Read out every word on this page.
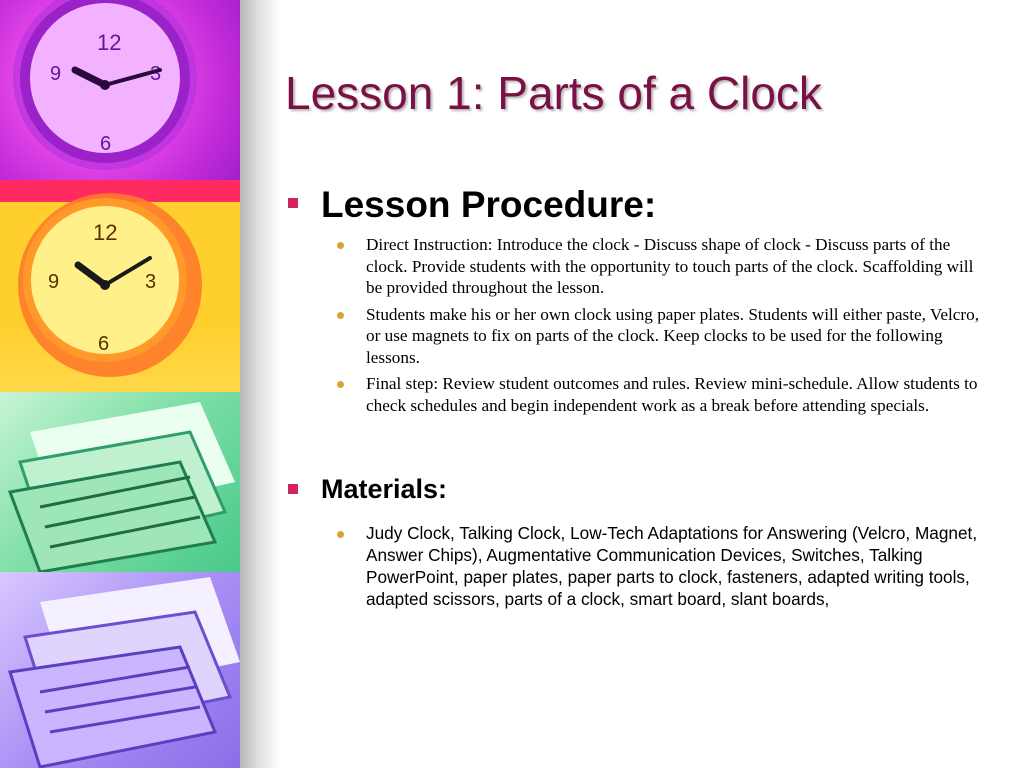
12
3
6
9
12
3
6
9
Lesson 1: Parts of a Clock
Lesson Procedure:
Direct Instruction: Introduce the clock - Discuss shape of clock - Discuss parts of the clock. Provide students with the opportunity to touch parts of the clock. Scaffolding will be provided throughout the lesson.
Students make his or her own clock using paper plates. Students will either paste, Velcro, or use magnets to fix on parts of the clock. Keep clocks to be used for the following lessons.
Final step: Review student outcomes and rules. Review mini-schedule. Allow students to check schedules and begin independent work as a break before attending specials.
Materials:
Judy Clock, Talking Clock, Low-Tech Adaptations for Answering (Velcro, Magnet, Answer Chips), Augmentative Communication Devices, Switches, Talking PowerPoint, paper plates, paper parts to clock, fasteners, adapted writing tools, adapted scissors, parts of a clock, smart board, slant boards,
